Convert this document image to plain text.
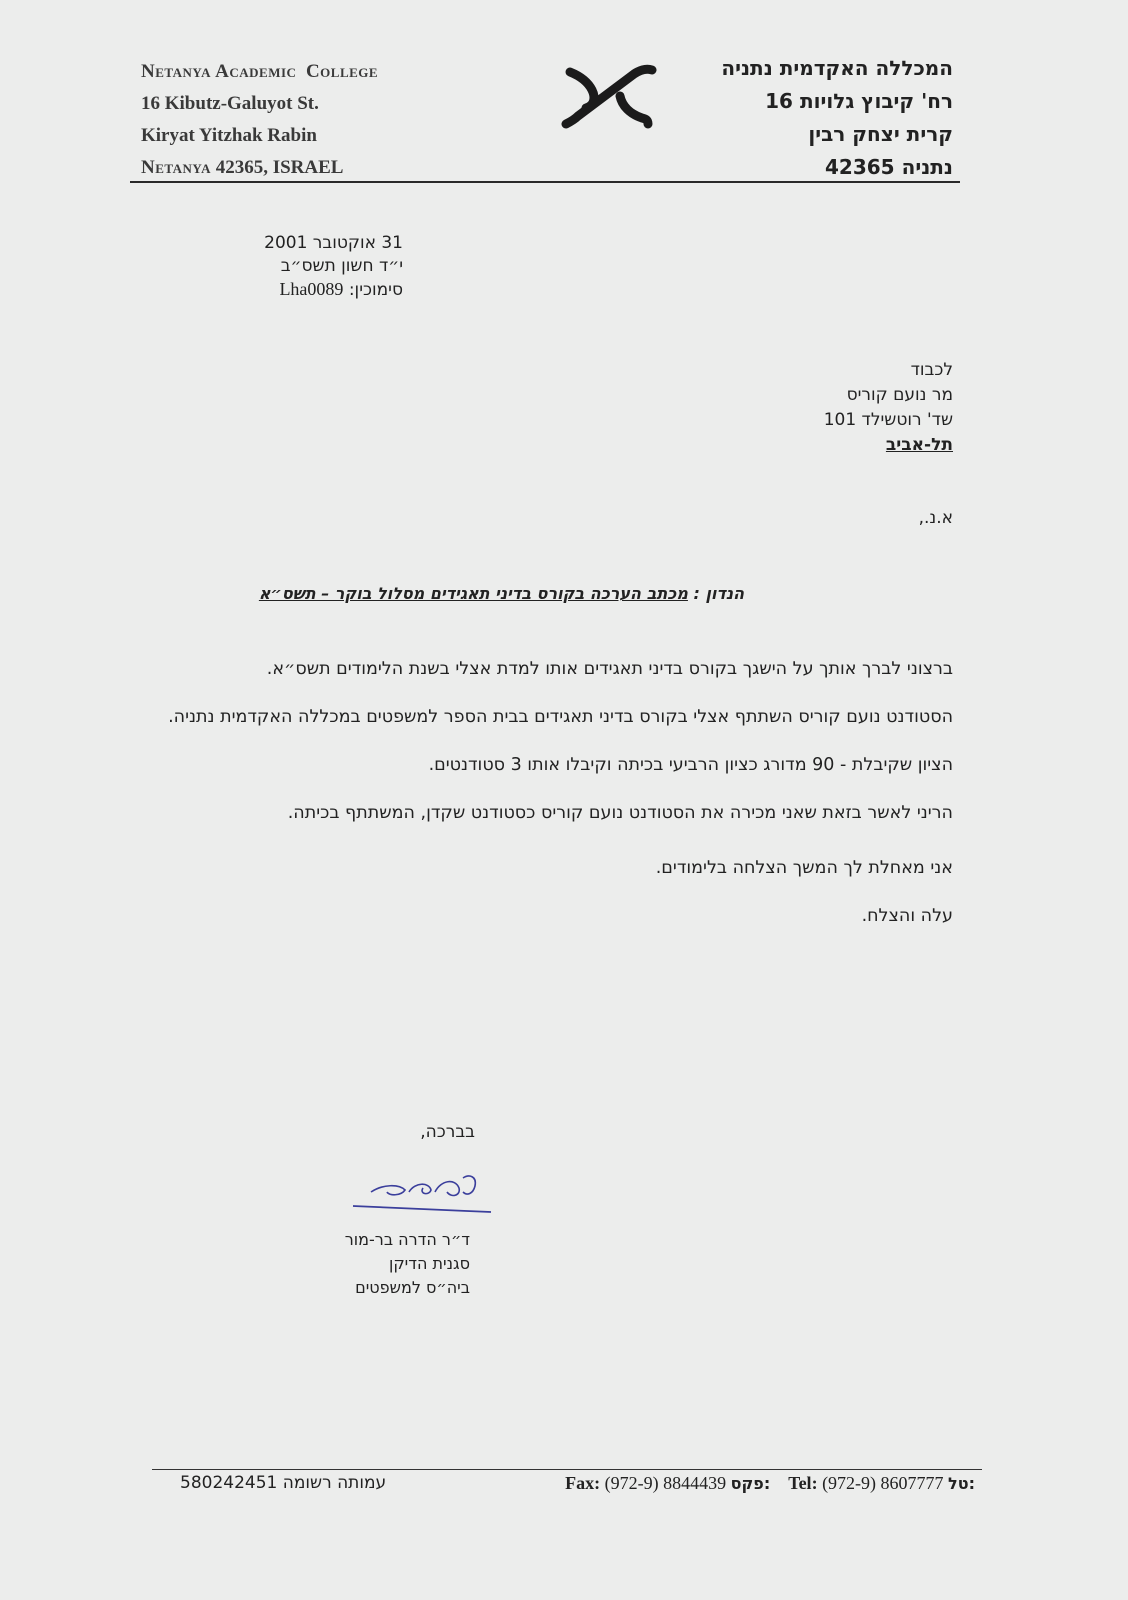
Netanya Academic College
16 Kibutz-Galuyot St.
Kiryat Yitzhak Rabin
Netanya 42365, ISRAEL
המכללה האקדמית נתניה
רח' קיבוץ גלויות 16
קרית יצחק רבין
נתניה 42365
31 אוקטובר 2001
י״ד חשון תשס״ב
סימוכין: Lha0089
לכבוד
מר נועם קוריס
שד' רוטשילד 101
תל-אביב
א.נ.,
הנדון : מכתב הערכה בקורס בדיני תאגידים מסלול בוקר – תשס״א

ברצוני לברך אותך על הישגך בקורס בדיני תאגידים אותו למדת אצלי בשנת הלימודים תשס״א.

הסטודנט נועם קוריס השתתף אצלי בקורס בדיני תאגידים בבית הספר למשפטים במכללה האקדמית נתניה.

הציון שקיבלת - 90 מדורג כציון הרביעי בכיתה וקיבלו אותו 3 סטודנטים.

הריני לאשר בזאת שאני מכירה את הסטודנט נועם קוריס כסטודנט שקדן, המשתתף בכיתה.

אני מאחלת לך המשך הצלחה בלימודים.

עלה והצלח.

בברכה,
ד״ר הדרה בר-מור
סגנית הדיקן
ביה״ס למשפטים
עמותה רשומה 580242451	Fax: (972-9) 8844439 פקס: Tel: (972-9) 8607777 טל:
